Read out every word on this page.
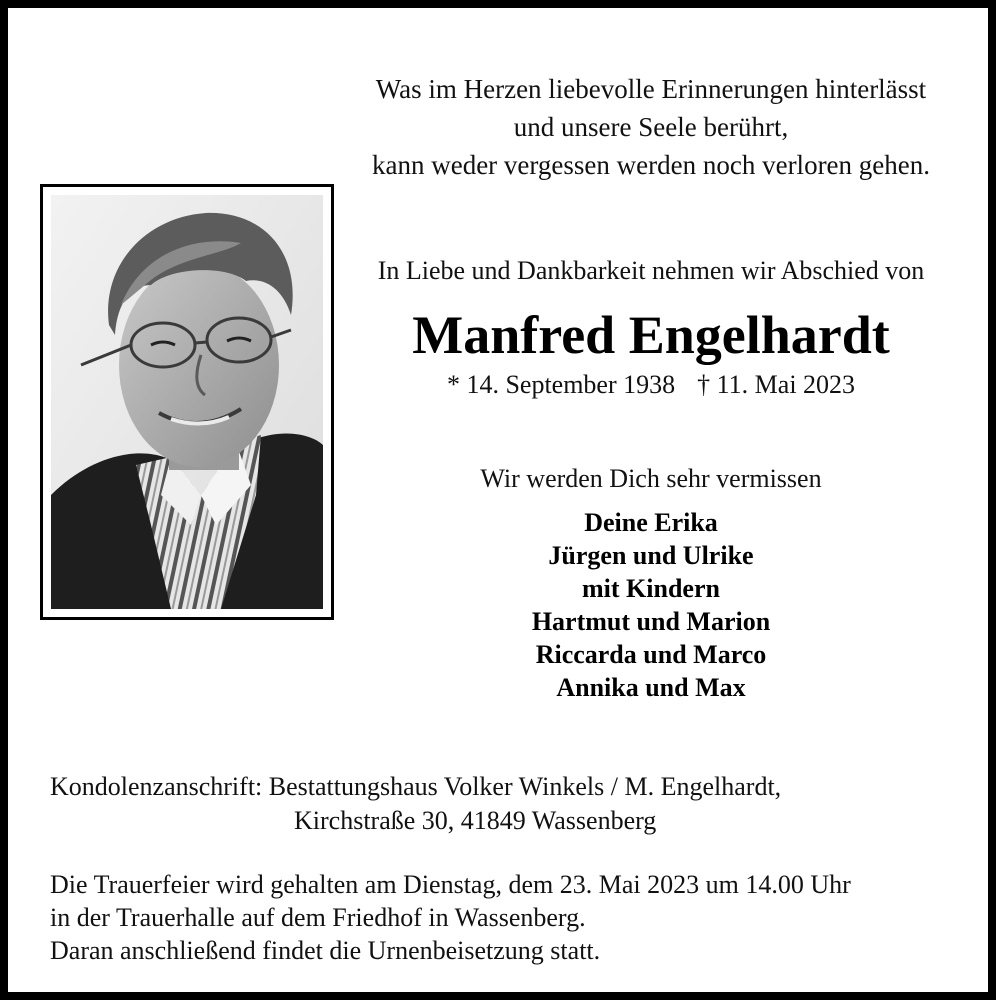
Was im Herzen liebevolle Erinnerungen hinterlässt
und unsere Seele berührt,
kann weder vergessen werden noch verloren gehen.
In Liebe und Dankbarkeit nehmen wir Abschied von
Manfred Engelhardt
* 14. September 1938 † 11. Mai 2023
Wir werden Dich sehr vermissen
Deine Erika
Jürgen und Ulrike
mit Kindern
Hartmut und Marion
Riccarda und Marco
Annika und Max
Kondolenzanschrift: Bestattungshaus Volker Winkels / M. Engelhardt,
Kirchstraße 30, 41849 Wassenberg
Die Trauerfeier wird gehalten am Dienstag, dem 23. Mai 2023 um 14.00 Uhr
in der Trauerhalle auf dem Friedhof in Wassenberg.
Daran anschließend findet die Urnenbeisetzung statt.
